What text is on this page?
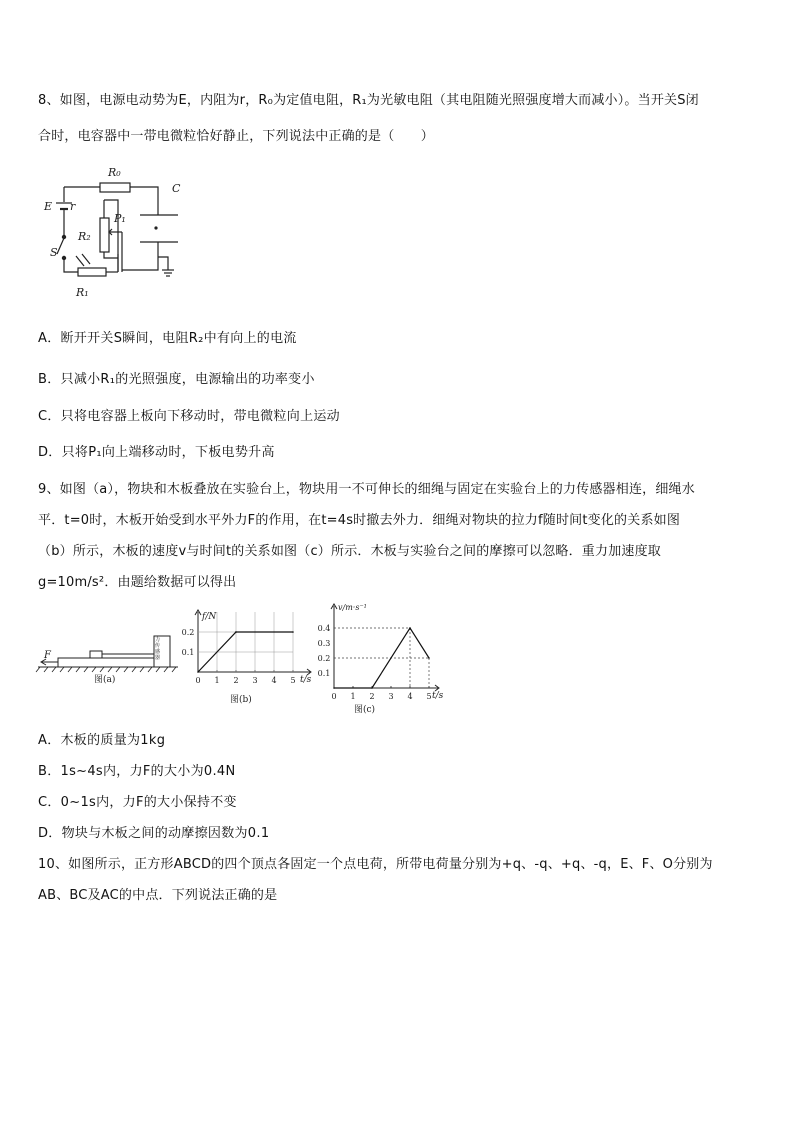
8、如图，电源电动势为E，内阻为r，R₀为定值电阻，R₁为光敏电阻（其电阻随光照强度增大而减小）。当开关S闭
合时，电容器中一带电微粒恰好静止，下列说法中正确的是（　　）
R₀
E r
C
P₁
R₂
S
R₁
A．断开开关S瞬间，电阻R₂中有向上的电流
B．只减小R₁的光照强度，电源输出的功率变小
C．只将电容器上板向下移动时，带电微粒向上运动
D．只将P₁向上端移动时，下板电势升高
9、如图（a），物块和木板叠放在实验台上，物块用一不可伸长的细绳与固定在实验台上的力传感器相连，细绳水
平．t=0时，木板开始受到水平外力F的作用，在t=4s时撤去外力．细绳对物块的拉力f随时间t变化的关系如图
（b）所示，木板的速度v与时间t的关系如图（c）所示．木板与实验台之间的摩擦可以忽略．重力加速度取
g=10m/s²．由题给数据可以得出
F
力传感器
图(a)	0 1 2 3 4 5
0.2
0.1
f/N
t/s
图(b)	0 1 2 3 4 5
0.4
0.3
0.2
0.1
v/m·s⁻¹
t/s
图(c)
A．木板的质量为1kg
B．1s~4s内，力F的大小为0.4N
C．0~1s内，力F的大小保持不变
D．物块与木板之间的动摩擦因数为0.1
10、如图所示，正方形ABCD的四个顶点各固定一个点电荷，所带电荷量分别为+q、-q、+q、-q，E、F、O分别为
AB、BC及AC的中点．下列说法正确的是
